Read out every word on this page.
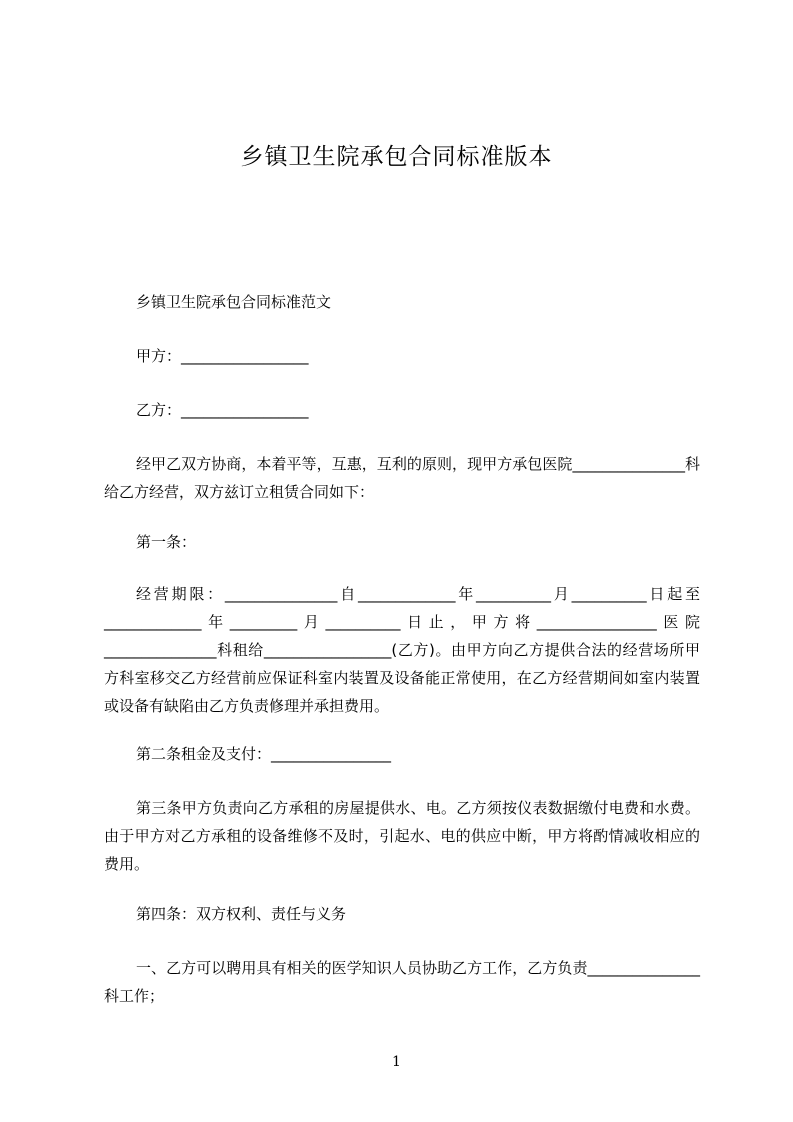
乡镇卫生院承包合同标准版本
乡镇卫生院承包合同标准范文
甲方：_________________
乙方：_________________
经甲乙双方协商，本着平等，互惠，互利的原则，现甲方承包医院_______________科给乙方经营，双方兹订立租赁合同如下：
第一条：
经营期限：_______________自_____________年__________月__________日起至_____________年_________月__________日止，甲方将________________医院_______________科租给_________________(乙方)。由甲方向乙方提供合法的经营场所甲方科室移交乙方经营前应保证科室内装置及设备能正常使用，在乙方经营期间如室内装置或设备有缺陷由乙方负责修理并承担费用。
第二条租金及支付：________________
第三条甲方负责向乙方承租的房屋提供水、电。乙方须按仪表数据缴付电费和水费。由于甲方对乙方承租的设备维修不及时，引起水、电的供应中断，甲方将酌情减收相应的费用。
第四条：双方权利、责任与义务
一、乙方可以聘用具有相关的医学知识人员协助乙方工作，乙方负责_______________科工作；
1
